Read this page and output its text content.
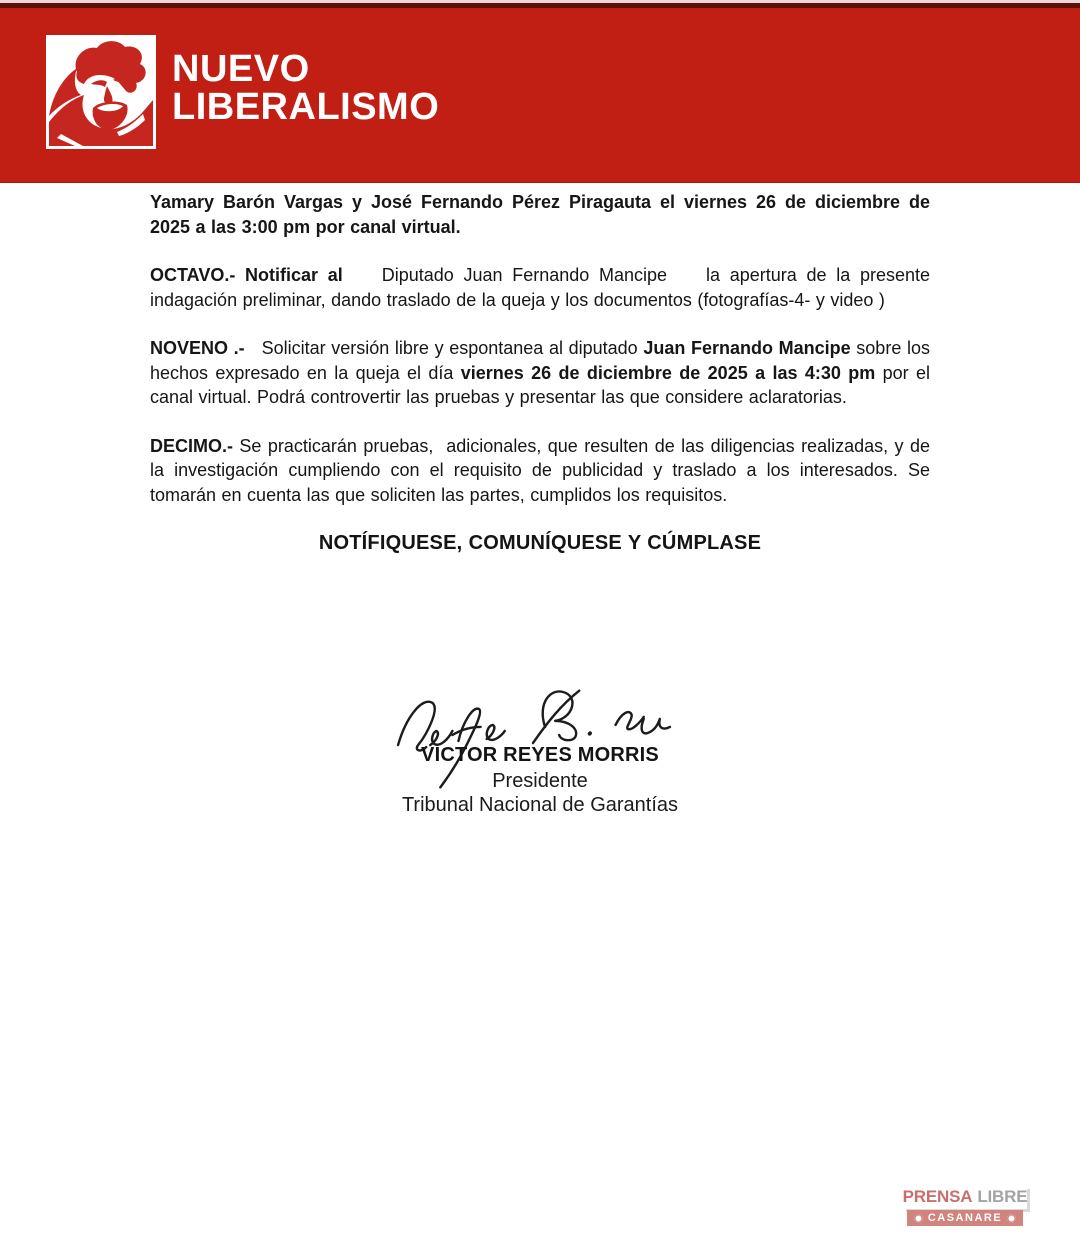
NUEVO
LIBERALISMO

Yamary Barón Vargas y José Fernando Pérez Piragauta el viernes 26 de diciembre de 2025 a las 3:00 pm por canal virtual.

OCTAVO.- Notificar al    Diputado Juan Fernando Mancipe    la apertura de la presente indagación preliminar, dando traslado de la queja y los documentos (fotografías-4- y video )

NOVENO .-   Solicitar versión libre y espontanea al diputado Juan Fernando Mancipe sobre los hechos expresado en la queja el día viernes 26 de diciembre de 2025 a las 4:30 pm por el canal virtual. Podrá controvertir las pruebas y presentar las que considere aclaratorias.

DECIMO.- Se practicarán pruebas,  adicionales, que resulten de las diligencias realizadas, y de la investigación cumpliendo con el requisito de publicidad y traslado a los interesados. Se tomarán en cuenta las que soliciten las partes, cumplidos los requisitos.

NOTÍFIQUESE, COMUNÍQUESE Y CÚMPLASE
VICTOR REYES MORRIS
Presidente
Tribunal Nacional de Garantías
PRENSA LIBRE
CASANARE
